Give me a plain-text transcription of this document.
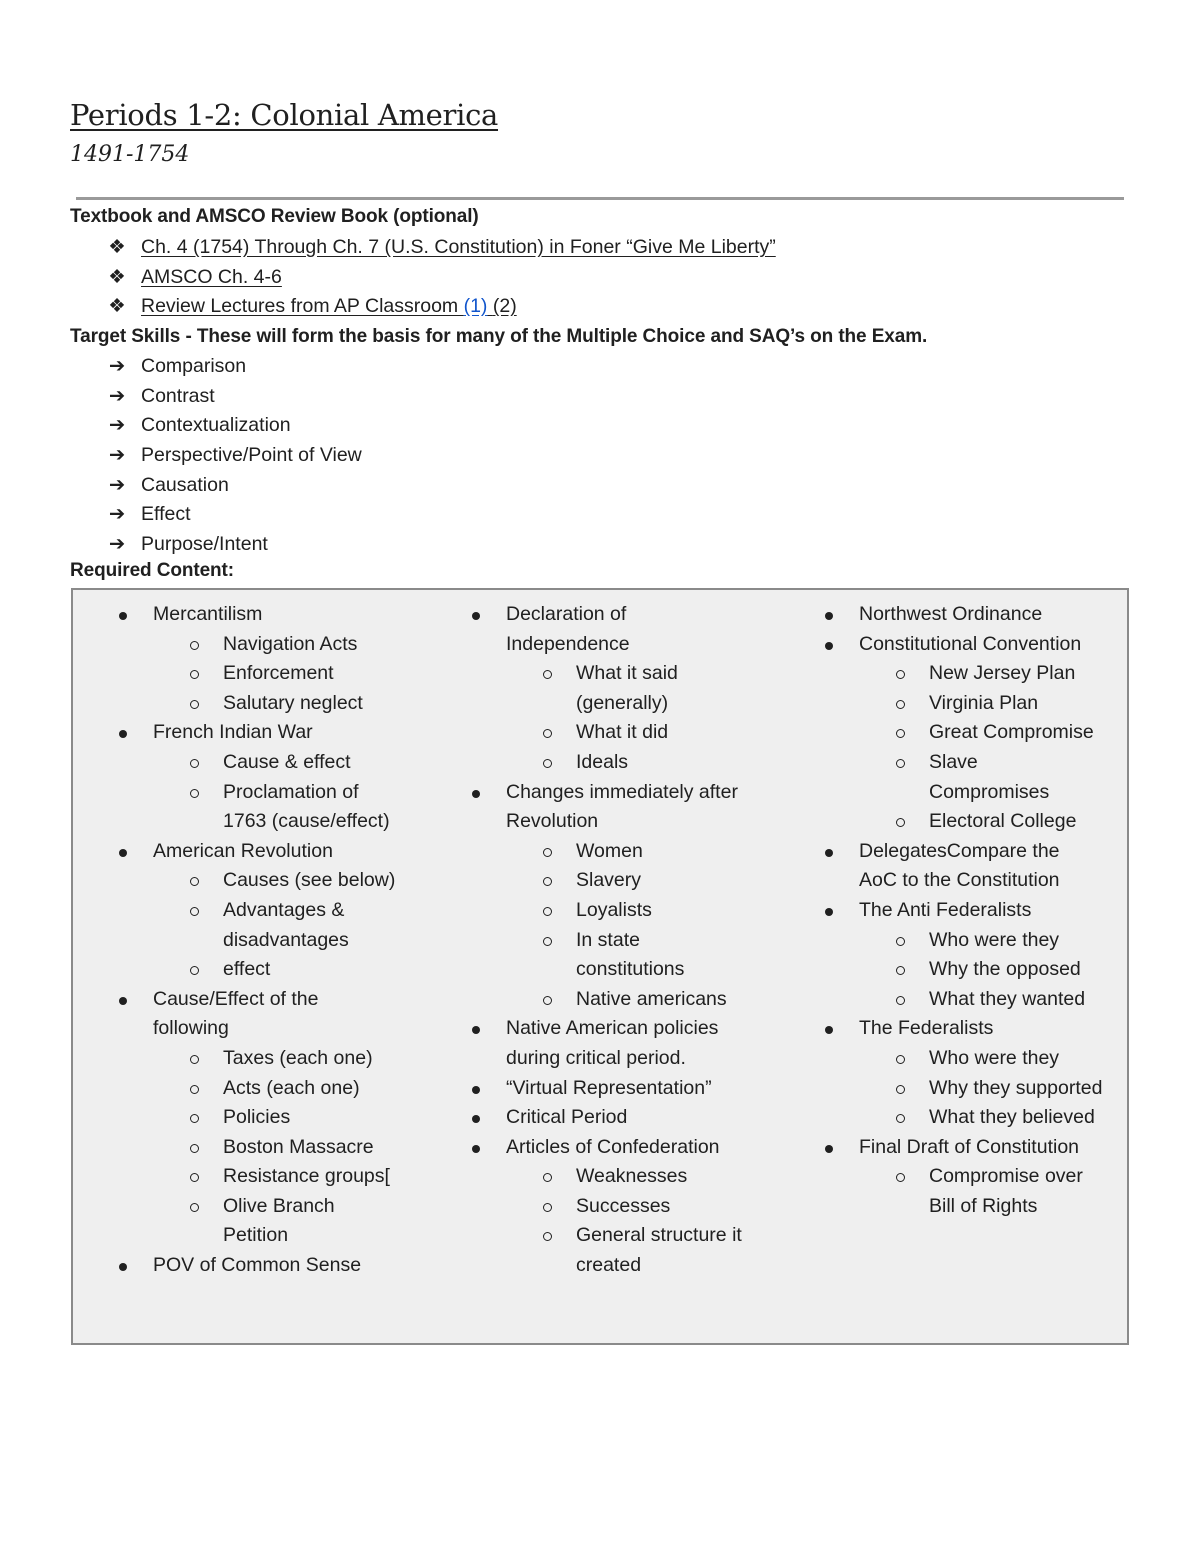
Periods 1-2: Colonial America
1491-1754
Textbook and AMSCO Review Book (optional)
❖ Ch. 4 (1754) Through Ch. 7 (U.S. Constitution) in Foner “Give Me Liberty”
❖ AMSCO Ch. 4-6
❖ Review Lectures from AP Classroom (1) (2)
Target Skills - These will form the basis for many of the Multiple Choice and SAQ’s on the Exam.
➔ Comparison
➔ Contrast
➔ Contextualization
➔ Perspective/Point of View
➔ Causation
➔ Effect
➔ Purpose/Intent
Required Content:
Mercantilism
Navigation Acts
Enforcement
Salutary neglect
French Indian War
Cause & effect
Proclamation of
1763 (cause/effect)
American Revolution
Causes (see below)
Advantages &
disadvantages
effect
Cause/Effect of the
following
Taxes (each one)
Acts (each one)
Policies
Boston Massacre
Resistance groups[
Olive Branch
Petition
POV of Common Sense
Declaration of
Independence
What it said
(generally)
What it did
Ideals
Changes immediately after
Revolution
Women
Slavery
Loyalists
In state
constitutions
Native americans
Native American policies
during critical period.
“Virtual Representation”
Critical Period
Articles of Confederation
Weaknesses
Successes
General structure it
created
Northwest Ordinance
Constitutional Convention
New Jersey Plan
Virginia Plan
Great Compromise
Slave
Compromises
Electoral College
DelegatesCompare the
AoC to the Constitution
The Anti Federalists
Who were they
Why the opposed
What they wanted
The Federalists
Who were they
Why they supported
What they believed
Final Draft of Constitution
Compromise over
Bill of Rights
